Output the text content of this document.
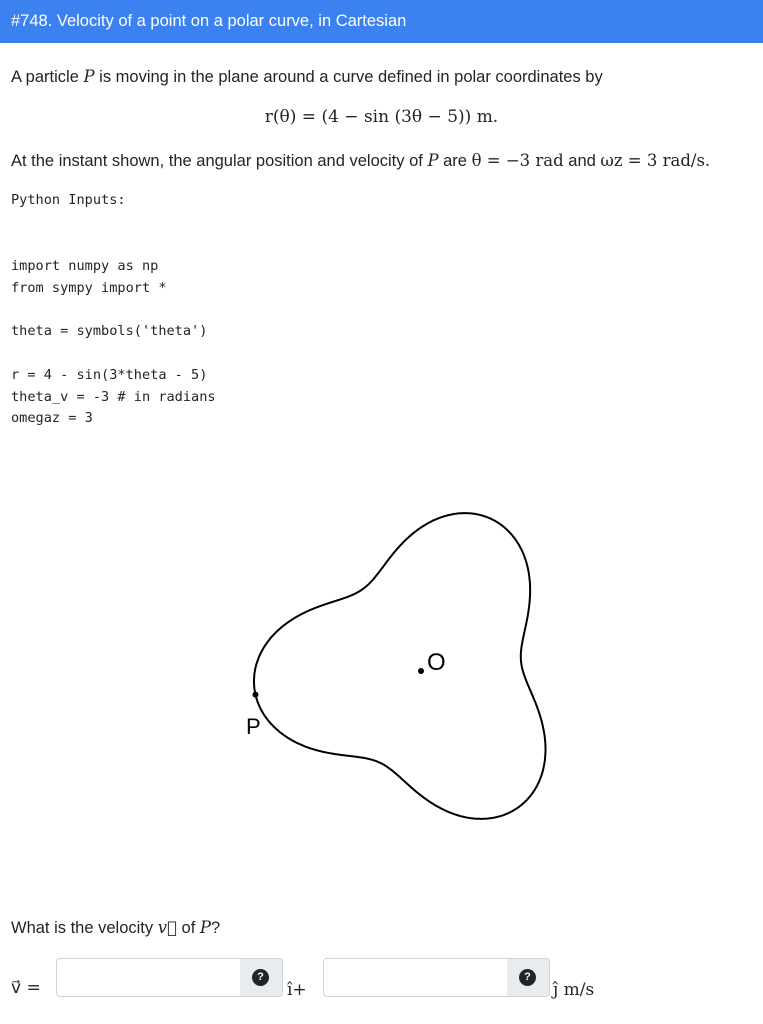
#748. Velocity of a point on a polar curve, in Cartesian
A particle P is moving in the plane around a curve defined in polar coordinates by
r(θ) = (4 − sin (3θ − 5)) m.
At the instant shown, the angular position and velocity of P are θ = −3 rad and ωz = 3 rad/s.
Python Inputs:

import numpy as np
from sympy import *
theta = symbols('theta')
r = 4 - sin(3*theta - 5)
theta_v = -3 # in radians
omegaz = 3

O
P
What is the velocity v⃗ of P?
v⃗ =
?
î+
?
ĵ m/s
